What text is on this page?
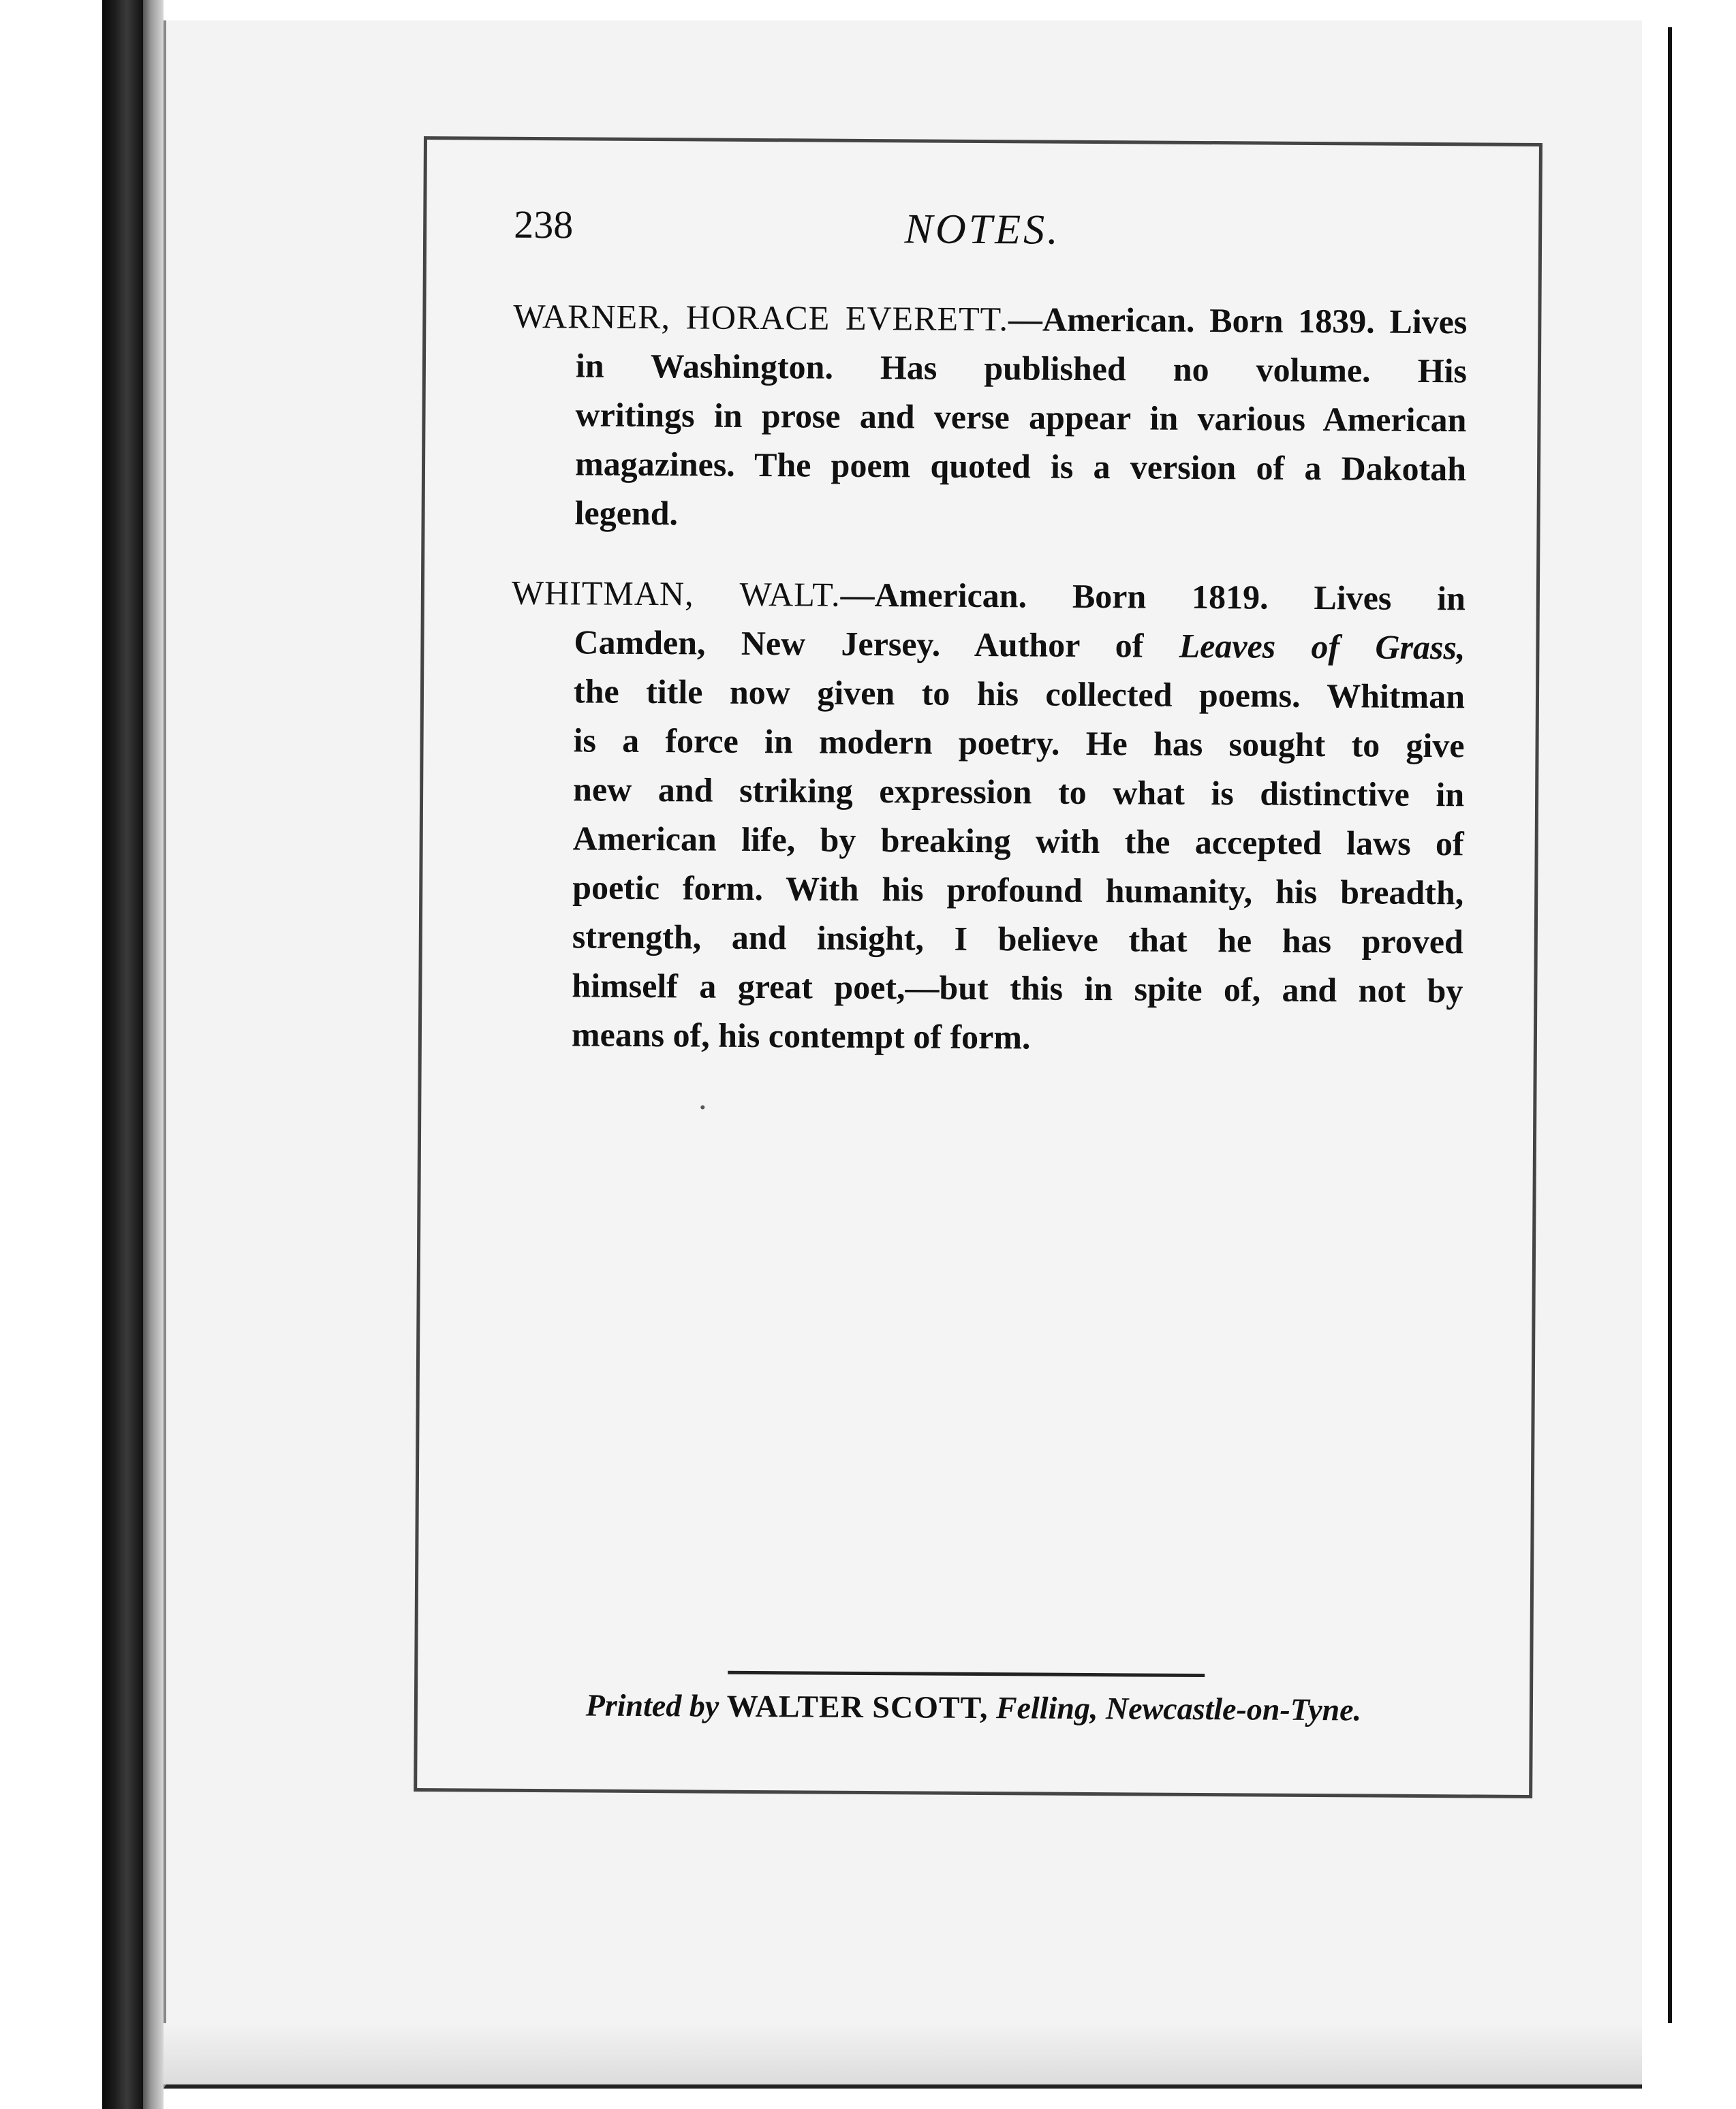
238	NOTES.
WARNER, HORACE EVERETT.—American. Born 1839. Lives
in Washington. Has published no volume. His
writings in prose and verse appear in various American
magazines. The poem quoted is a version of a Dakotah
legend.
WHITMAN, WALT.—American. Born 1819. Lives in
Camden, New Jersey. Author of Leaves of Grass,
the title now given to his collected poems. Whitman
is a force in modern poetry. He has sought to give
new and striking expression to what is distinctive in
American life, by breaking with the accepted laws of
poetic form. With his profound humanity, his breadth,
strength, and insight, I believe that he has proved
himself a great poet,—but this in spite of, and not by
means of, his contempt of form.
Printed by WALTER SCOTT, Felling, Newcastle-on-Tyne.
